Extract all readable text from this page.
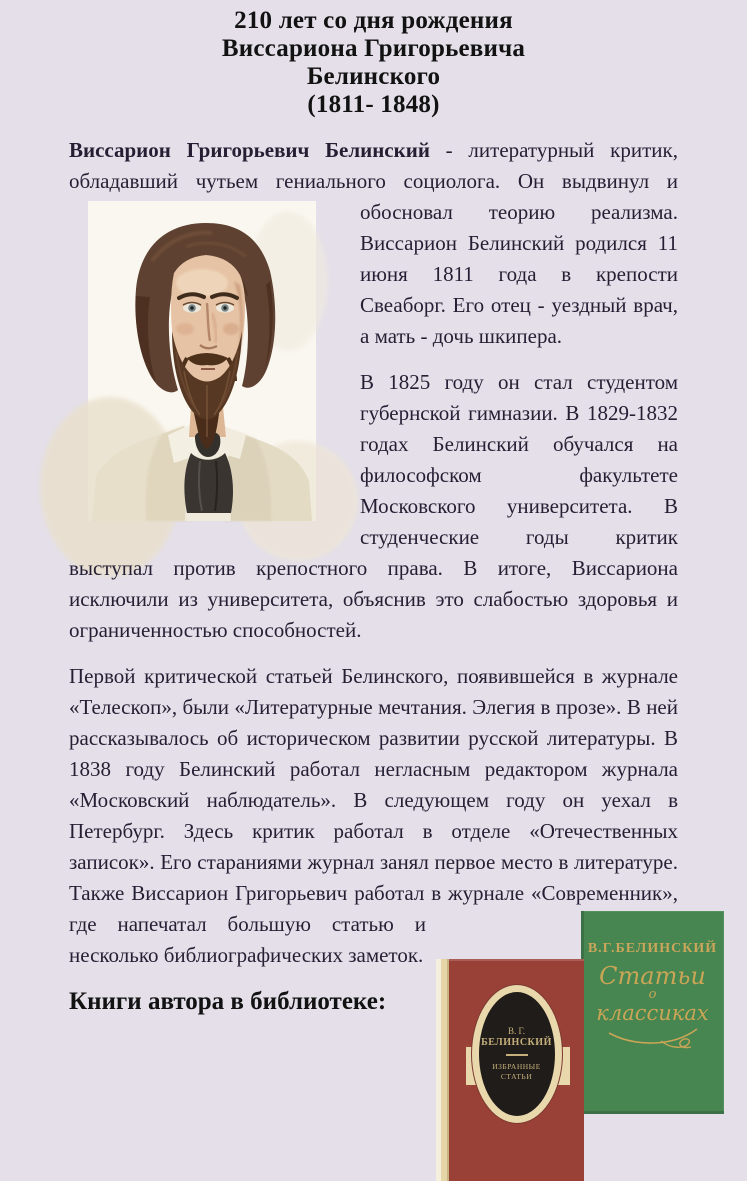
210 лет со дня рождения
Виссариона Григорьевича
Белинского
(1811- 1848)

Виссарион Григорьевич Белинский - литературный критик, обладавший чутьем гениального социолога. Он выдвинул и
обосновал теорию реализма. Виссарион Белинский родился 11 июня 1811 года в крепости Свеаборг. Его отец - уездный врач, а мать - дочь шкипера.

В 1825 году он стал студентом губернской гимназии. В 1829-1832 годах Белинский обучался на философском факультете Московского университета. В студенческие годы критик выступал против крепостного права. В итоге, Виссариона исключили из университета, объяснив это слабостью здоровья и ограниченностью способностей.

Первой критической статьей Белинского, появившейся в журнале «Телескоп», были «Литературные мечтания. Элегия в прозе». В ней рассказывалось об историческом развитии русской литературы. В 1838 году Белинский работал негласным редактором журнала «Московский наблюдатель». В следующем году он уехал в Петербург. Здесь критик работал в отделе «Отечественных записок». Его стараниями журнал занял первое место в литературе. Также Виссарион Григорьевич работал в журнале «Современник»,
В.Г.БЕЛИНСКИЙ
Статьи
о
классиках
В. Г.
БЕЛИНСКИЙ
ИЗБРАННЫЕ
СТАТЬИ
где напечатал большую статью и несколько библиографических заметок.

Книги автора в библиотеке:
